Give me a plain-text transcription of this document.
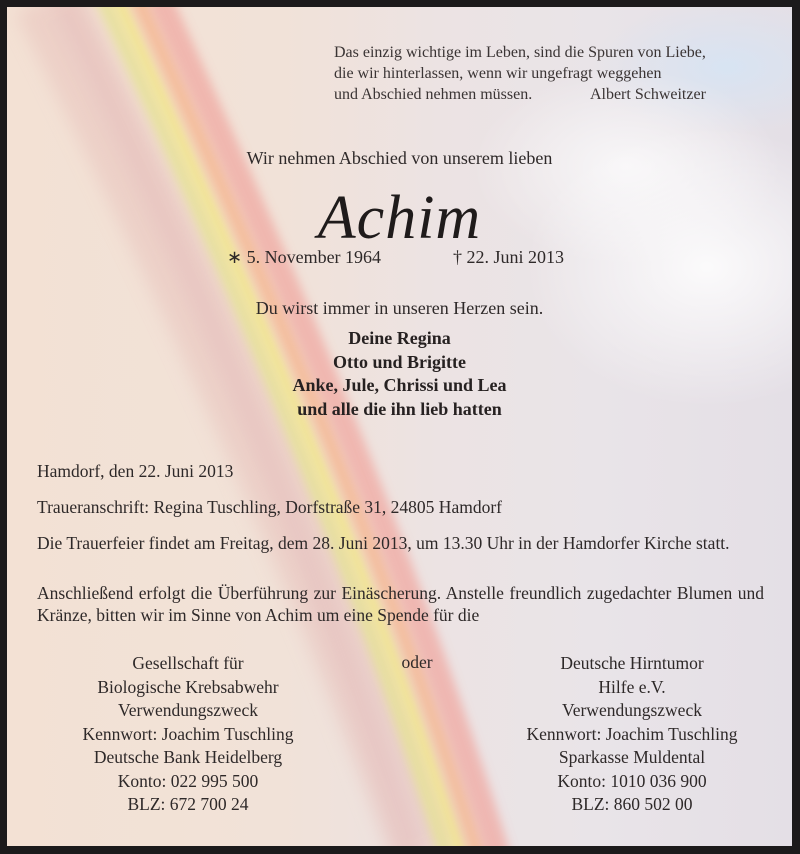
Das einzig wichtige im Leben, sind die Spuren von Liebe,
die wir hinterlassen, wenn wir ungefragt weggehen
und Abschied nehmen müssen.	Albert Schweitzer
Wir nehmen Abschied von unserem lieben
Achim
∗ 5. November 1964	† 22. Juni 2013
Du wirst immer in unseren Herzen sein.
Deine Regina
Otto und Brigitte
Anke, Jule, Chrissi und Lea
und alle die ihn lieb hatten
Hamdorf, den 22. Juni 2013
Traueranschrift: Regina Tuschling, Dorfstraße 31, 24805 Hamdorf
Die Trauerfeier findet am Freitag, dem 28. Juni 2013, um 13.30 Uhr in der Hamdorfer Kirche statt.
Anschließend erfolgt die Überführung zur Einäscherung. Anstelle freundlich zugedachter Blumen und Kränze, bitten wir im Sinne von Achim um eine Spende für die
Gesellschaft für
Biologische Krebsabwehr
Verwendungszweck
Kennwort: Joachim Tuschling
Deutsche Bank Heidelberg
Konto: 022 995 500
BLZ: 672 700 24
oder	Deutsche Hirntumor
Hilfe e.V.
Verwendungszweck
Kennwort: Joachim Tuschling
Sparkasse Muldental
Konto: 1010 036 900
BLZ: 860 502 00
